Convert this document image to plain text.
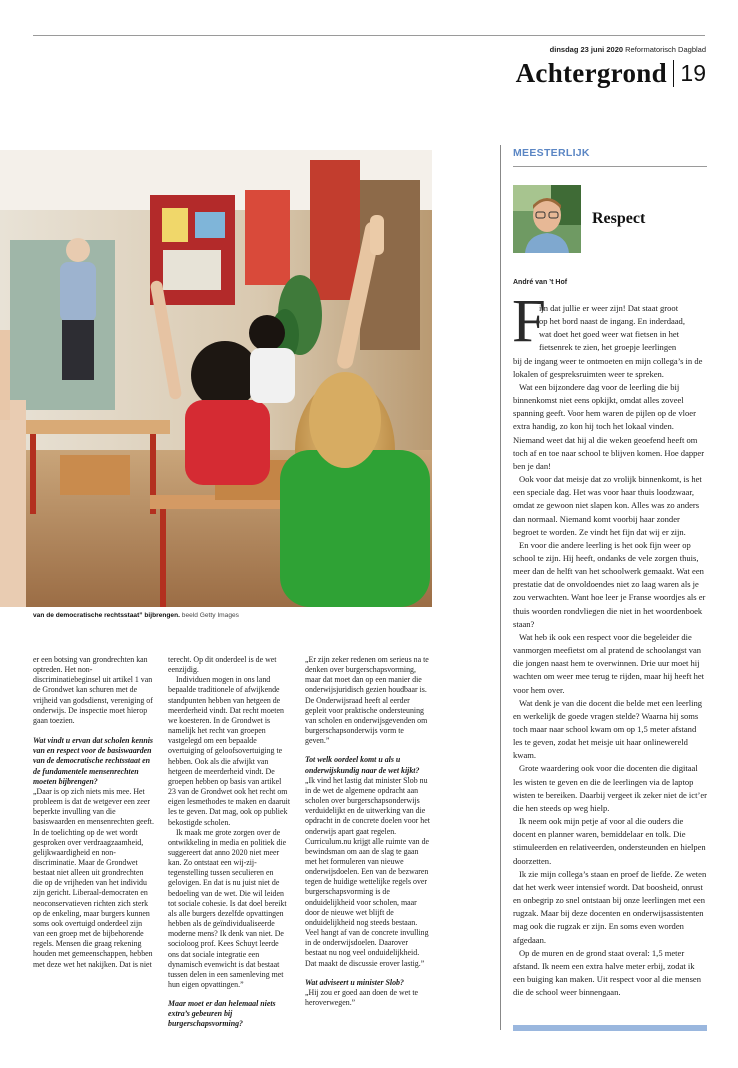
dinsdag 23 juni 2020 Reformatorisch Dagblad
Achtergrond 19
van de democratische rechtsstaat” bijbrengen. beeld Getty Images

er een botsing van grondrechten kan optreden. Het non-discriminatiebeginsel uit artikel 1 van de Grondwet kan schuren met de vrijheid van godsdienst, vereniging of onderwijs. De inspectie moet hierop gaan toezien.

Wat vindt u ervan dat scholen kennis van en respect voor de basiswaarden van de democratische rechtsstaat en de fundamentele mensenrechten moeten bijbrengen?

„Daar is op zich niets mis mee. Het probleem is dat de wetgever een zeer beperkte invulling van die basiswaarden en mensenrechten geeft. In de toelichting op de wet wordt gesproken over verdraagzaamheid, gelijkwaardigheid en non-discriminatie. Maar de Grondwet bestaat niet alleen uit grondrechten die op de vrijheden van het individu zijn gericht. Liberaal-democraten en neoconservatieven richten zich sterk op de enkeling, maar burgers kunnen soms ook overtuigd onderdeel zijn van een groep met de bijbehorende regels. Mensen die graag rekening houden met gemeenschappen, hebben met deze wet het nakijken. Dat is niet

terecht. Op dit onderdeel is de wet eenzijdig.

Individuen mogen in ons land bepaalde traditionele of afwijkende standpunten hebben van hetgeen de meerderheid vindt. Dat recht moeten we koesteren. In de Grondwet is namelijk het recht van groepen vastgelegd om een bepaalde overtuiging of geloofsovertuiging te hebben. Ook als die afwijkt van hetgeen de meerderheid vindt. De groepen hebben op basis van artikel 23 van de Grondwet ook het recht om eigen lesmethodes te maken en daaruit les te geven. Dat mag, ook op publiek bekostigde scholen.

Ik maak me grote zorgen over de ontwikkeling in media en politiek die suggereert dat anno 2020 niet meer kan. Zo ontstaat een wij-zij-tegenstelling tussen seculieren en gelovigen. En dat is nu juist niet de bedoeling van de wet. Die wil leiden tot sociale cohesie. Is dat doel bereikt als alle burgers dezelfde opvattingen hebben als de geïndividualiseerde moderne mens? Ik denk van niet. De socioloog prof. Kees Schuyt leerde ons dat sociale integratie een dynamisch evenwicht is dat bestaat tussen delen in een samenleving met hun eigen opvattingen.”

Maar moet er dan helemaal niets extra’s gebeuren bij burgerschapsvorming?

„Er zijn zeker redenen om serieus na te denken over burgerschapsvorming, maar dat moet dan op een manier die onderwijsjuridisch gezien houdbaar is. De Onderwijsraad heeft al eerder gepleit voor praktische ondersteuning van scholen en onderwijsgevenden om burgerschapsonderwijs vorm te geven.”

Tot welk oordeel komt u als u onderwijskundig naar de wet kijkt?

„Ik vind het lastig dat minister Slob nu in de wet de algemene opdracht aan scholen over burgerschapsonderwijs verduidelijkt en de uitwerking van die opdracht in de concrete doelen voor het onderwijs apart gaat regelen. Curriculum.nu krijgt alle ruimte van de bewindsman om aan de slag te gaan met het formuleren van nieuwe onderwijsdoelen. Een van de bezwaren tegen de huidige wettelijke regels over burgerschapsvorming is de onduidelijkheid voor scholen, maar door de nieuwe wet blijft de onduidelijkheid nog steeds bestaan. Veel hangt af van de concrete invulling in de onderwijsdoelen. Daarover bestaat nu nog veel onduidelijkheid. Dat maakt de discussie erover lastig.”

Wat adviseert u minister Slob?

„Hij zou er goed aan doen de wet te heroverwegen.”

MEESTERLIJK
Respect
André van ’t Hof
F

ijn dat jullie er weer zijn! Dat staat groot

op het bord naast de ingang. En inderdaad,

wat doet het goed weer wat fietsen in het

fietsenrek te zien, het groepje leerlingen

bij de ingang weer te ontmoeten en mijn collega’s in de lokalen of gespreksruimten weer te spreken.

Wat een bijzondere dag voor de leerling die bij binnenkomst niet eens opkijkt, omdat alles zoveel spanning geeft. Voor hem waren de pijlen op de vloer extra handig, zo kon hij toch het lokaal vinden. Niemand weet dat hij al die weken geoefend heeft om toch af en toe naar school te blijven komen. Hoe dapper ben je dan!

Ook voor dat meisje dat zo vrolijk binnenkomt, is het een speciale dag. Het was voor haar thuis loodzwaar, omdat ze gewoon niet slapen kon. Alles was zo anders dan normaal. Niemand komt voorbij haar zonder begroet te worden. Ze vindt het fijn dat wij er zijn.

En voor die andere leerling is het ook fijn weer op school te zijn. Hij heeft, ondanks de vele zorgen thuis, meer dan de helft van het schoolwerk gemaakt. Wat een prestatie dat de onvoldoendes niet zo laag waren als je zou verwachten. Want hoe leer je Franse woordjes als er thuis woorden rondvliegen die niet in het woordenboek staan?

Wat heb ik ook een respect voor die begeleider die vanmorgen meefietst om al pratend de schoolangst van die jongen naast hem te overwinnen. Drie uur moet hij wachten om weer mee terug te rijden, maar hij heeft het voor hem over.

Wat denk je van die docent die belde met een leerling en werkelijk de goede vragen stelde? Waarna hij soms toch maar naar school kwam om op 1,5 meter afstand les te geven, zodat het meisje uit haar onlinewereld kwam.

Grote waardering ook voor die docenten die digitaal les wisten te geven en die de leerlingen via de laptop wisten te bereiken. Daarbij vergeet ik zeker niet de ict’er die hen steeds op weg hielp.

Ik neem ook mijn petje af voor al die ouders die docent en planner waren, bemiddelaar en tolk. Die stimuleerden en relativeerden, ondersteunden en hielpen doorzetten.

Ik zie mijn collega’s staan en proef de liefde. Ze weten dat het werk weer intensief wordt. Dat boosheid, onrust en onbegrip zo snel ontstaan bij onze leerlingen met een rugzak. Maar bij deze docenten en onderwijsassistenten mag ook die rugzak er zijn. En soms even worden afgedaan.

Op de muren en de grond staat overal: 1,5 meter afstand. Ik neem een extra halve meter erbij, zodat ik een buiging kan maken. Uit respect voor al die mensen die de school weer binnengaan.
